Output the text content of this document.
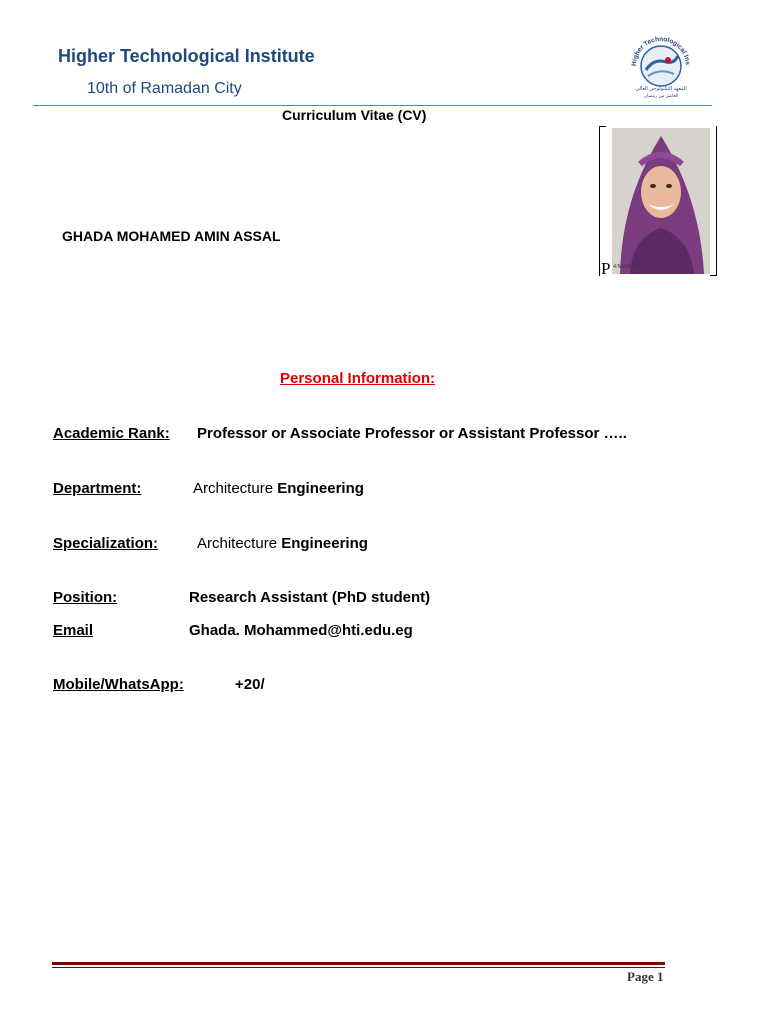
Higher Technological Institute
10th of Ramadan City
Higher Technological Ins
المعهد التكنولوجي العالي
العاشر من رمضان
Curriculum Vitae (CV)
P 4/MAR/08
GHADA MOHAMED AMIN ASSAL
Personal Information:
Academic Rank: Professor or Associate Professor or Assistant Professor …..
Department:	Architecture Engineering
Specialization:	Architecture Engineering
Position:	Research Assistant (PhD student)
Email	Ghada. Mohammed@hti.edu.eg
Mobile/WhatsApp:	+20/
Page 1
